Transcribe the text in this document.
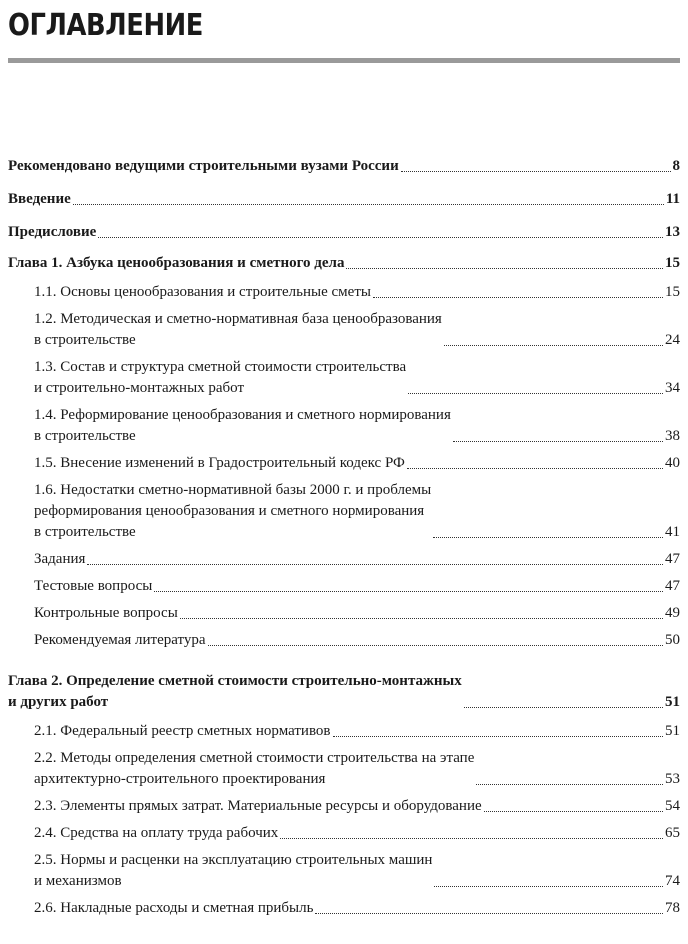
ОГЛАВЛЕНИЕ
Рекомендовано ведущими строительными вузами России	8
Введение	11
Предисловие	13
Глава 1. Азбука ценообразования и сметного дела	15
1.1. Основы ценообразования и строительные сметы	15
1.2. Методическая и сметно-нормативная база ценообразования
в строительстве	24
1.3. Состав и структура сметной стоимости строительства
и строительно-монтажных работ	34
1.4. Реформирование ценообразования и сметного нормирования
в строительстве	38
1.5. Внесение изменений в Градостроительный кодекс РФ	40
1.6. Недостатки сметно-нормативной базы 2000 г. и проблемы
реформирования ценообразования и сметного нормирования
в строительстве	41
Задания	47
Тестовые вопросы	47
Контрольные вопросы	49
Рекомендуемая литература	50
Глава 2. Определение сметной стоимости строительно-монтажных
и других работ	51
2.1. Федеральный реестр сметных нормативов	51
2.2. Методы определения сметной стоимости строительства на этапе
архитектурно-строительного проектирования	53
2.3. Элементы прямых затрат. Материальные ресурсы и оборудование	54
2.4. Средства на оплату труда рабочих	65
2.5. Нормы и расценки на эксплуатацию строительных машин
и механизмов	74
2.6. Накладные расходы и сметная прибыль	78
